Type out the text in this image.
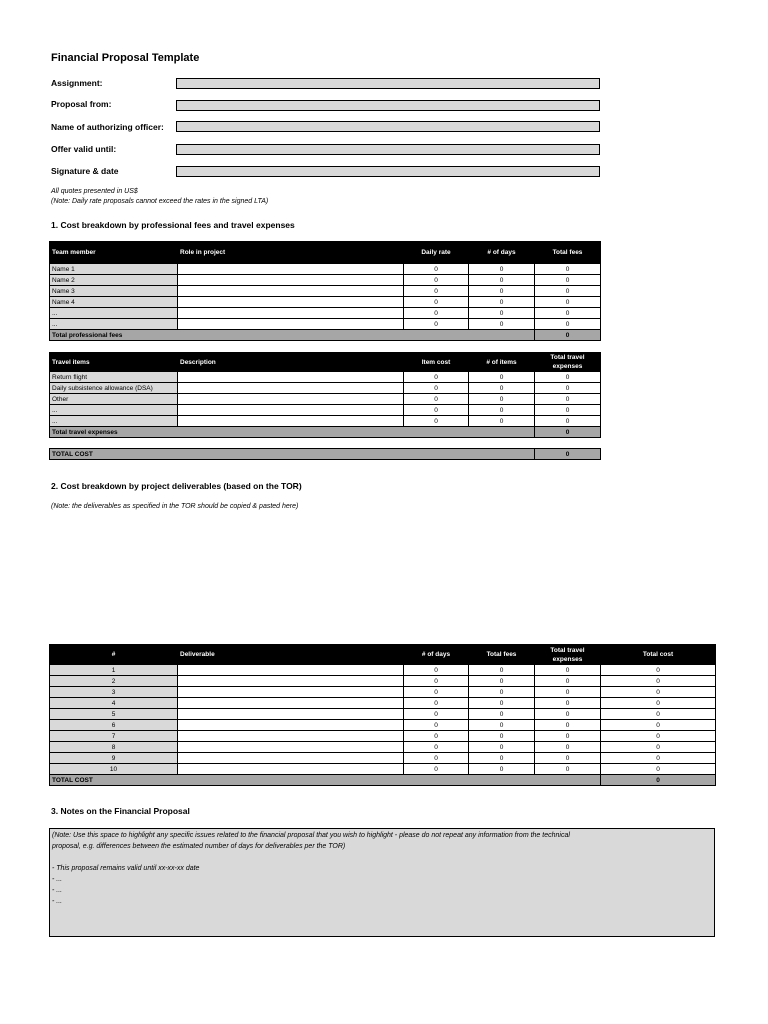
Financial Proposal Template
Assignment:
Proposal from:
Name of authorizing officer:
Offer valid until:
Signature & date
All quotes presented in US$
(Note: Daily rate proposals cannot exceed the rates in the signed LTA)
1. Cost breakdown by professional fees and travel expenses
Team member	Role in project	Daily rate	# of days	Total fees
Name 1		0	0	0
Name 2		0	0	0
Name 3		0	0	0
Name 4		0	0	0
...		0	0	0
...		0	0	0
Total professional fees				0
Travel items	Description	Item cost	# of items	Total travel expenses
Return flight		0	0	0
Daily subsistence allowance (DSA)		0	0	0
Other		0	0	0
...		0	0	0
...		0	0	0
Total travel expenses				0
TOTAL COST	0
2. Cost breakdown by project deliverables (based on the TOR)
(Note: the deliverables as specified in the TOR should be copied & pasted here)
#	Deliverable	# of days	Total fees	Total travel expenses	Total cost
1		0	0	0	0
2		0	0	0	0
3		0	0	0	0
4		0	0	0	0
5		0	0	0	0
6		0	0	0	0
7		0	0	0	0
8		0	0	0	0
9		0	0	0	0
10		0	0	0	0
TOTAL COST					0
3. Notes on the Financial Proposal
(Note: Use this space to highlight any specific issues related to the financial proposal that you wish to highlight - please do not repeat any information from the technical
proposal, e.g. differences between the estimated number of days for deliverables per the TOR)
- This proposal remains valid until xx-xx-xx date
- ...
- ...
- ...
